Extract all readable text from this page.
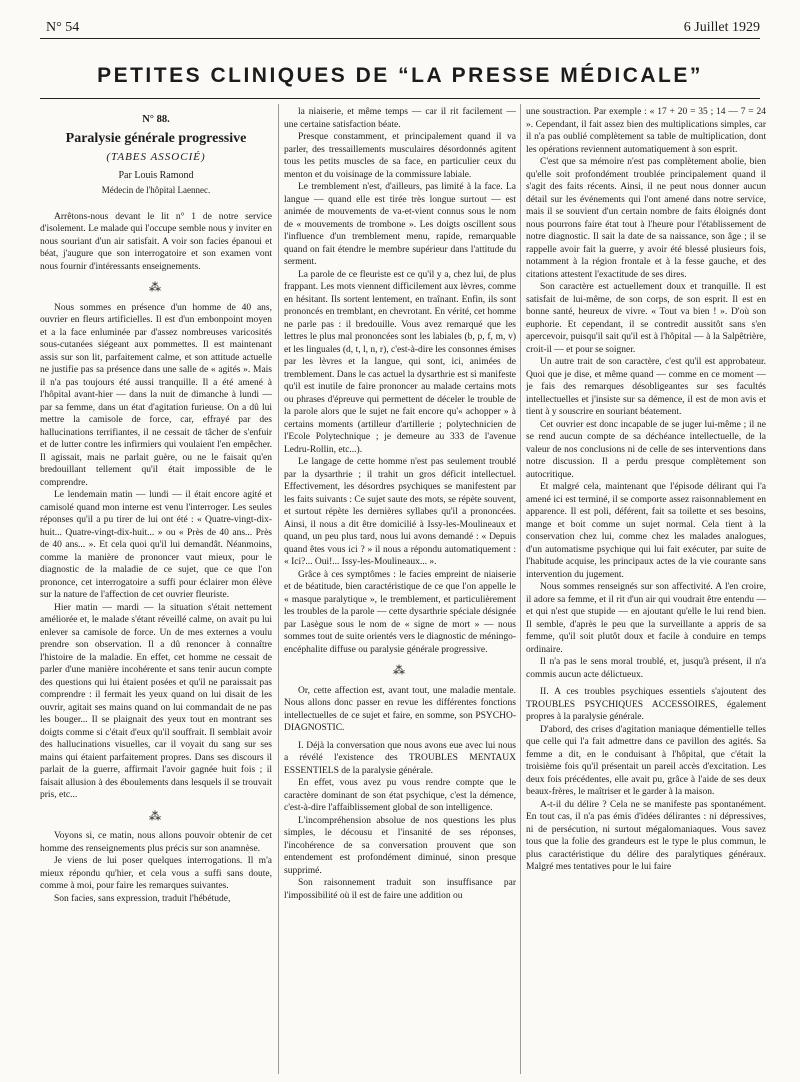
N° 54	6 Juillet 1929
PETITES CLINIQUES DE “LA PRESSE MÉDICALE”
N° 88.
Paralysie générale progressive
(TABES ASSOCIÉ)
Par Louis Ramond
Médecin de l'hôpital Laennec.

Arrêtons-nous devant le lit n° 1 de notre service d'isolement. Le malade qui l'occupe semble nous y inviter en nous souriant d'un air satisfait. A voir son facies épanoui et béat, j'augure que son interrogatoire et son examen vont nous fournir d'intéressants enseignements.

⁂

Nous sommes en présence d'un homme de 40 ans, ouvrier en fleurs artificielles. Il est d'un embonpoint moyen et a la face enluminée par d'assez nombreuses varicosités sous-cutanées siégeant aux pommettes. Il est maintenant assis sur son lit, parfaitement calme, et son attitude actuelle ne justifie pas sa présence dans une salle de « agités ». Mais il n'a pas toujours été aussi tranquille. Il a été amené à l'hôpital avant-hier — dans la nuit de dimanche à lundi — par sa femme, dans un état d'agitation furieuse. On a dû lui mettre la camisole de force, car, effrayé par des hallucinations terrifiantes, il ne cessait de tâcher de s'enfuir et de lutter contre les infirmiers qui voulaient l'en empêcher. Il agissait, mais ne parlait guère, ou ne le faisait qu'en bredouillant tellement qu'il était impossible de le comprendre.

Le lendemain matin — lundi — il était encore agité et camisolé quand mon interne est venu l'interroger. Les seules réponses qu'il a pu tirer de lui ont été : « Quatre-vingt-dix-huit... Quatre-vingt-dix-huit... » ou « Près de 40 ans... Près de 40 ans... ». Et cela quoi qu'il lui demandât. Néanmoins, comme la manière de prononcer vaut mieux, pour le diagnostic de la maladie de ce sujet, que ce que l'on prononce, cet interrogatoire a suffi pour éclairer mon élève sur la nature de l'affection de cet ouvrier fleuriste.

Hier matin — mardi — la situation s'était nettement améliorée et, le malade s'étant réveillé calme, on avait pu lui enlever sa camisole de force. Un de mes externes a voulu prendre son observation. Il a dû renoncer à connaître l'histoire de la maladie. En effet, cet homme ne cessait de parler d'une manière incohérente et sans tenir aucun compte des questions qui lui étaient posées et qu'il ne paraissait pas comprendre : il fermait les yeux quand on lui disait de les ouvrir, agitait ses mains quand on lui commandait de ne pas les bouger... Il se plaignait des yeux tout en montrant ses doigts comme si c'était d'eux qu'il souffrait. Il semblait avoir des hallucinations visuelles, car il voyait du sang sur ses mains qui étaient parfaitement propres. Dans ses discours il parlait de la guerre, affirmait l'avoir gagnée huit fois ; il faisait allusion à des éboulements dans lesquels il se trouvait pris, etc...

⁂

Voyons si, ce matin, nous allons pouvoir obtenir de cet homme des renseignements plus précis sur son anamnèse.

Je viens de lui poser quelques interrogations. Il m'a mieux répondu qu'hier, et cela vous a suffi sans doute, comme à moi, pour faire les remarques suivantes.

Son facies, sans expression, traduit l'hébétude,

la niaiserie, et même temps — car il rit facilement — une certaine satisfaction béate.

Presque constamment, et principalement quand il va parler, des tressaillements musculaires désordonnés agitent tous les petits muscles de sa face, en particulier ceux du menton et du voisinage de la commissure labiale.

Le tremblement n'est, d'ailleurs, pas limité à la face. La langue — quand elle est tirée très longue surtout — est animée de mouvements de va-et-vient connus sous le nom de « mouvements de trombone ». Les doigts oscillent sous l'influence d'un tremblement menu, rapide, remarquable quand on fait étendre le membre supérieur dans l'attitude du serment.

La parole de ce fleuriste est ce qu'il y a, chez lui, de plus frappant. Les mots viennent difficilement aux lèvres, comme en hésitant. Ils sortent lentement, en traînant. Enfin, ils sont prononcés en tremblant, en chevrotant. En vérité, cet homme ne parle pas : il bredouille. Vous avez remarqué que les lettres le plus mal prononcées sont les labiales (b, p, f, m, v) et les linguales (d, t, l, n, r), c'est-à-dire les consonnes émises par les lèvres et la langue, qui sont, ici, animées de tremblement. Dans le cas actuel la dysarthrie est si manifeste qu'il est inutile de faire prononcer au malade certains mots ou phrases d'épreuve qui permettent de déceler le trouble de la parole alors que le sujet ne fait encore qu'« achopper » à certains moments (artilleur d'artillerie ; polytechnicien de l'Ecole Polytechnique ; je demeure au 333 de l'avenue Ledru-Rollin, etc...).

Le langage de cette homme n'est pas seulement troublé par la dysarthrie ; il trahit un gros déficit intellectuel. Effectivement, les désordres psychiques se manifestent par les faits suivants : Ce sujet saute des mots, se répète souvent, et surtout répète les dernières syllabes qu'il a prononcées. Ainsi, il nous a dit être domicilié à Issy-les-Moulineaux et quand, un peu plus tard, nous lui avons demandé : « Depuis quand êtes vous ici ? » il nous a répondu automatiquement : « Ici?... Oui!... Issy-les-Moulineaux... ».

Grâce à ces symptômes : le facies empreint de niaiserie et de béatitude, bien caractéristique de ce que l'on appelle le « masque paralytique », le tremblement, et particulièrement les troubles de la parole — cette dysarthrie spéciale désignée par Lasègue sous le nom de « signe de mort » — nous sommes tout de suite orientés vers le diagnostic de méningo-encéphalite diffuse ou paralysie générale progressive.

⁂

Or, cette affection est, avant tout, une maladie mentale. Nous allons donc passer en revue les différentes fonctions intellectuelles de ce sujet et faire, en somme, son PSYCHO-DIAGNOSTIC.

I. Déjà la conversation que nous avons eue avec lui nous a révélé l'existence des TROUBLES MENTAUX ESSENTIELS de la paralysie générale.

En effet, vous avez pu vous rendre compte que le caractère dominant de son état psychique, c'est la démence, c'est-à-dire l'affaiblissement global de son intelligence.

L'incompréhension absolue de nos questions les plus simples, le décousu et l'insanité de ses réponses, l'incohérence de sa conversation prouvent que son entendement est profondément diminué, sinon presque supprimé.

Son raisonnement traduit son insuffisance par l'impossibilité où il est de faire une addition ou

une soustraction. Par exemple : « 17 + 20 = 35 ; 14 — 7 = 24 ». Cependant, il fait assez bien des multiplications simples, car il n'a pas oublié complètement sa table de multiplication, dont les opérations reviennent automatiquement à son esprit.

C'est que sa mémoire n'est pas complètement abolie, bien qu'elle soit profondément troublée principalement quand il s'agit des faits récents. Ainsi, il ne peut nous donner aucun détail sur les événements qui l'ont amené dans notre service, mais il se souvient d'un certain nombre de faits éloignés dont nous pourrons faire état tout à l'heure pour l'établissement de notre diagnostic. Il sait la date de sa naissance, son âge ; il se rappelle avoir fait la guerre, y avoir été blessé plusieurs fois, notamment à la région frontale et à la fesse gauche, et des citations attestent l'exactitude de ses dires.

Son caractère est actuellement doux et tranquille. Il est satisfait de lui-même, de son corps, de son esprit. Il est en bonne santé, heureux de vivre. « Tout va bien ! ». D'où son euphorie. Et cependant, il se contredit aussitôt sans s'en apercevoir, puisqu'il sait qu'il est à l'hôpital — à la Salpêtrière, croit-il — et pour se soigner.

Un autre trait de son caractère, c'est qu'il est approbateur. Quoi que je dise, et même quand — comme en ce moment — je fais des remarques désobligeantes sur ses facultés intellectuelles et j'insiste sur sa démence, il est de mon avis et tient à y souscrire en souriant béatement.

Cet ouvrier est donc incapable de se juger lui-même ; il ne se rend aucun compte de sa déchéance intellectuelle, de la valeur de nos conclusions ni de celle de ses interventions dans notre discussion. Il a perdu presque complètement son autocritique.

Et malgré cela, maintenant que l'épisode délirant qui l'a amené ici est terminé, il se comporte assez raisonnablement en apparence. Il est poli, déférent, fait sa toilette et ses besoins, mange et boit comme un sujet normal. Cela tient à la conservation chez lui, comme chez les malades analogues, d'un automatisme psychique qui lui fait exécuter, par suite de l'habitude acquise, les principaux actes de la vie courante sans intervention du jugement.

Nous sommes renseignés sur son affectivité. A l'en croire, il adore sa femme, et il rit d'un air qui voudrait être entendu — et qui n'est que stupide — en ajoutant qu'elle le lui rend bien. Il semble, d'après le peu que la surveillante a appris de sa femme, qu'il soit plutôt doux et facile à conduire en temps ordinaire.

Il n'a pas le sens moral troublé, et, jusqu'à présent, il n'a commis aucun acte délictueux.

II. A ces troubles psychiques essentiels s'ajoutent des TROUBLES PSYCHIQUES ACCESSOIRES, également propres à la paralysie générale.

D'abord, des crises d'agitation maniaque démentielle telles que celle qui l'a fait admettre dans ce pavillon des agités. Sa femme a dit, en le conduisant à l'hôpital, que c'était la troisième fois qu'il présentait un pareil accès d'excitation. Les deux fois précédentes, elle avait pu, grâce à l'aide de ses deux beaux-frères, le maîtriser et le garder à la maison.

A-t-il du délire ? Cela ne se manifeste pas spontanément. En tout cas, il n'a pas émis d'idées délirantes : ni dépressives, ni de persécution, ni surtout mégalomaniaques. Vous savez tous que la folie des grandeurs est le type le plus commun, le plus caractéristique du délire des paralytiques généraux. Malgré mes tentatives pour le lui faire
